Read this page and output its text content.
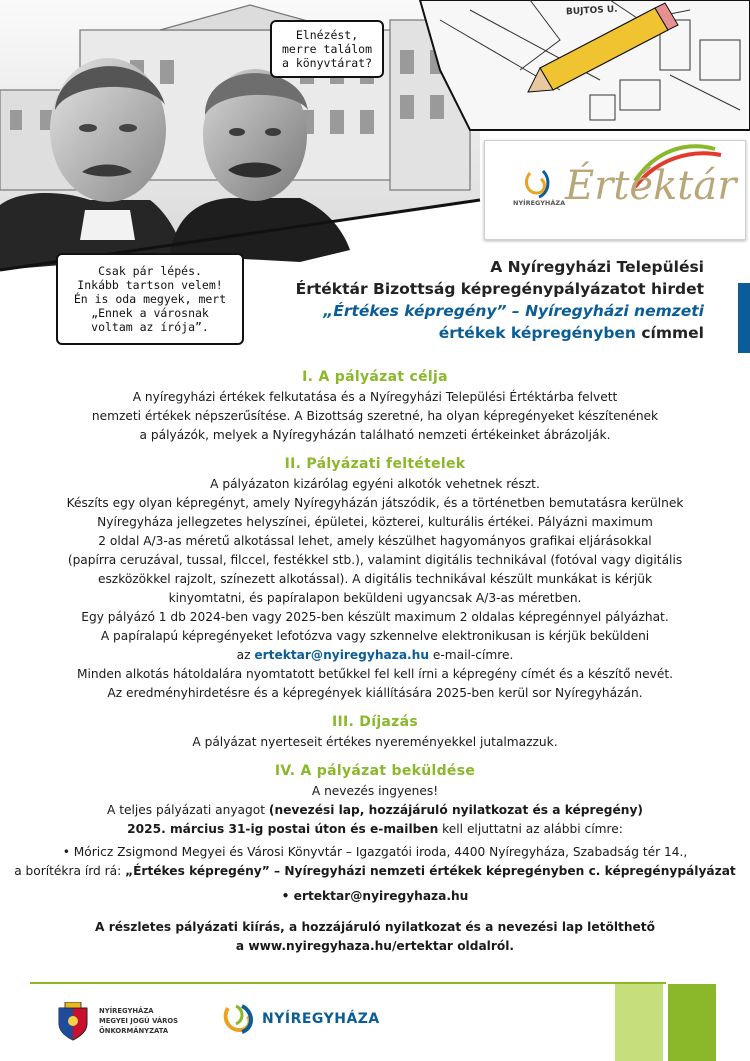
Elnézést,
merre találom
a könyvtárat?
Csak pár lépés.
Inkább tartson velem!
Én is oda megyek, mert
„Ennek a városnak
voltam az írója”.
BUJTOS U.
Értéktár
NYÍREGYHÁZA
A Nyíregyházi Települési
Értéktár Bizottság képregénypályázatot hirdet
„Értékes képregény” – Nyíregyházi nemzeti
értékek képregényben címmel
I. A pályázat célja
A nyíregyházi értékek felkutatása és a Nyíregyházi Települési Értéktárba felvett
nemzeti értékek népszerűsítése. A Bizottság szeretné, ha olyan képregényeket készítenének
a pályázók, melyek a Nyíregyházán található nemzeti értékeinket ábrázolják.
II. Pályázati feltételek
A pályázaton kizárólag egyéni alkotók vehetnek részt.
Készíts egy olyan képregényt, amely Nyíregyházán játszódik, és a történetben bemutatásra kerülnek
Nyíregyháza jellegzetes helyszínei, épületei, közterei, kulturális értékei. Pályázni maximum
2 oldal A/3-as méretű alkotással lehet, amely készülhet hagyományos grafikai eljárásokkal
(papírra ceruzával, tussal, filccel, festékkel stb.), valamint digitális technikával (fotóval vagy digitális
eszközökkel rajzolt, színezett alkotással). A digitális technikával készült munkákat is kérjük
kinyomtatni, és papíralapon beküldeni ugyancsak A/3-as méretben.
Egy pályázó 1 db 2024-ben vagy 2025-ben készült maximum 2 oldalas képregénnyel pályázhat.
A papíralapú képregényeket lefotózva vagy szkennelve elektronikusan is kérjük beküldeni
az ertektar@nyiregyhaza.hu e-mail-címre.
Minden alkotás hátoldalára nyomtatott betűkkel fel kell írni a képregény címét és a készítő nevét.
Az eredményhirdetésre és a képregények kiállítására 2025-ben kerül sor Nyíregyházán.
III. Díjazás
A pályázat nyerteseit értékes nyereményekkel jutalmazzuk.
IV. A pályázat beküldése
A nevezés ingyenes!
A teljes pályázati anyagot (nevezési lap, hozzájáruló nyilatkozat és a képregény)
2025. március 31-ig postai úton és e-mailben kell eljuttatni az alábbi címre:
• Móricz Zsigmond Megyei és Városi Könyvtár – Igazgatói iroda, 4400 Nyíregyháza, Szabadság tér 14.,
a borítékra írd rá: „Értékes képregény” – Nyíregyházi nemzeti értékek képregényben c. képregénypályázat
• ertektar@nyiregyhaza.hu
A részletes pályázati kiírás, a hozzájáruló nyilatkozat és a nevezési lap letölthető
a www.nyiregyhaza.hu/ertektar oldalról.
NYÍREGYHÁZA
MEGYEI JOGÚ VÁROS
ÖNKORMÁNYZATA
NYÍREGYHÁZA
